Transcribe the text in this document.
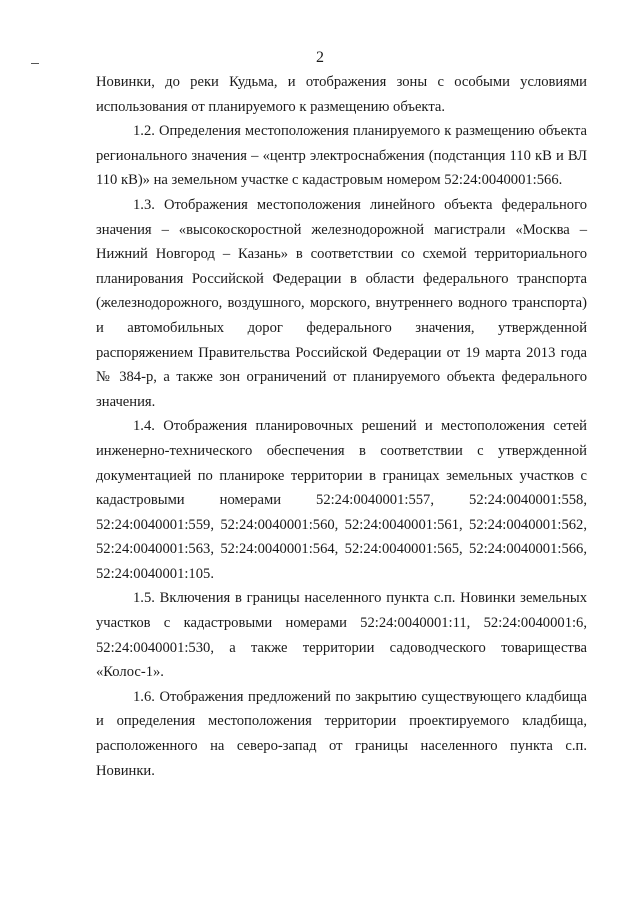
2

Новинки, до реки Кудьма, и отображения зоны с особыми условиями использования от планируемого к размещению объекта.

1.2. Определения местоположения планируемого к размещению объекта регионального значения – «центр электроснабжения (подстанция 110 кВ и ВЛ 110 кВ)» на земельном участке с кадастровым номером 52:24:0040001:566.

1.3. Отображения местоположения линейного объекта федерального значения – «высокоскоростной железнодорожной магистрали «Москва – Нижний Новгород – Казань» в соответствии со схемой территориального планирования Российской Федерации в области федерального транспорта (железнодорожного, воздушного, морского, внутреннего водного транспорта) и автомобильных дорог федерального значения, утвержденной распоряжением Правительства Российской Федерации от 19 марта 2013 года № 384-р, а также зон ограничений от планируемого объекта федерального значения.

1.4. Отображения планировочных решений и местоположения сетей инженерно-технического обеспечения в соответствии с утвержденной документацией по планироке территории в границах земельных участков с кадастровыми номерами 52:24:0040001:557, 52:24:0040001:558, 52:24:0040001:559, 52:24:0040001:560, 52:24:0040001:561, 52:24:0040001:562, 52:24:0040001:563, 52:24:0040001:564, 52:24:0040001:565, 52:24:0040001:566, 52:24:0040001:105.

1.5. Включения в границы населенного пункта с.п. Новинки земельных участков с кадастровыми номерами 52:24:0040001:11, 52:24:0040001:6, 52:24:0040001:530, а также территории садоводческого товарищества «Колос-1».

1.6. Отображения предложений по закрытию существующего кладбища и определения местоположения территории проектируемого кладбища, расположенного на северо-запад от границы населенного пункта с.п. Новинки.
